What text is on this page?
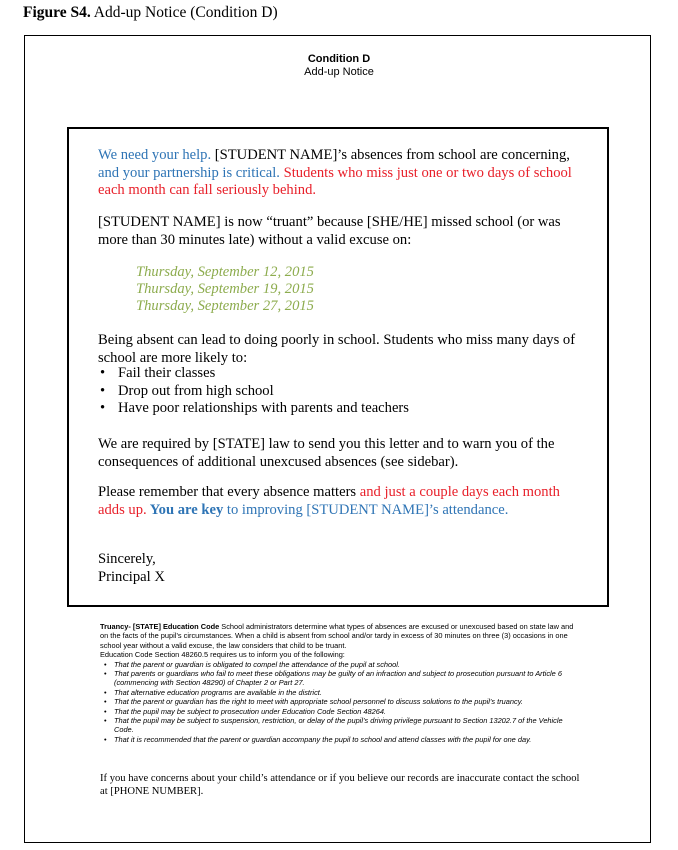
Figure S4. Add-up Notice (Condition D)
Condition D
Add-up Notice

We need your help. [STUDENT NAME]’s absences from school are concerning, and your partnership is critical. Students who miss just one or two days of school each month can fall seriously behind.

[STUDENT NAME] is now “truant” because [SHE/HE] missed school (or was more than 30 minutes late) without a valid excuse on:

Thursday, September 12, 2015
Thursday, September 19, 2015
Thursday, September 27, 2015

Being absent can lead to doing poorly in school. Students who miss many days of school are more likely to:

• Fail their classes
• Drop out from high school
• Have poor relationships with parents and teachers

We are required by [STATE] law to send you this letter and to warn you of the consequences of additional unexcused absences (see sidebar).

Please remember that every absence matters and just a couple days each month adds up. You are key to improving [STUDENT NAME]’s attendance.

Sincerely,
Principal X

Truancy- [STATE] Education Code School administrators determine what types of absences are excused or unexcused based on state law and on the facts of the pupil’s circumstances. When a child is absent from school and/or tardy in excess of 30 minutes on three (3) occasions in one school year without a valid excuse, the law considers that child to be truant.

Education Code Section 48260.5 requires us to inform you of the following:

• That the parent or guardian is obligated to compel the attendance of the pupil at school.
• That parents or guardians who fail to meet these obligations may be guilty of an infraction and subject to prosecution pursuant to Article 6 (commencing with Section 48290) of Chapter 2 or Part 27.
• That alternative education programs are available in the district.
• That the parent or guardian has the right to meet with appropriate school personnel to discuss solutions to the pupil’s truancy.
• That the pupil may be subject to prosecution under Education Code Section 48264.
• That the pupil may be subject to suspension, restriction, or delay of the pupil’s driving privilege pursuant to Section 13202.7 of the Vehicle Code.
• That it is recommended that the parent or guardian accompany the pupil to school and attend classes with the pupil for one day.

If you have concerns about your child’s attendance or if you believe our records are inaccurate contact the school at [PHONE NUMBER].
